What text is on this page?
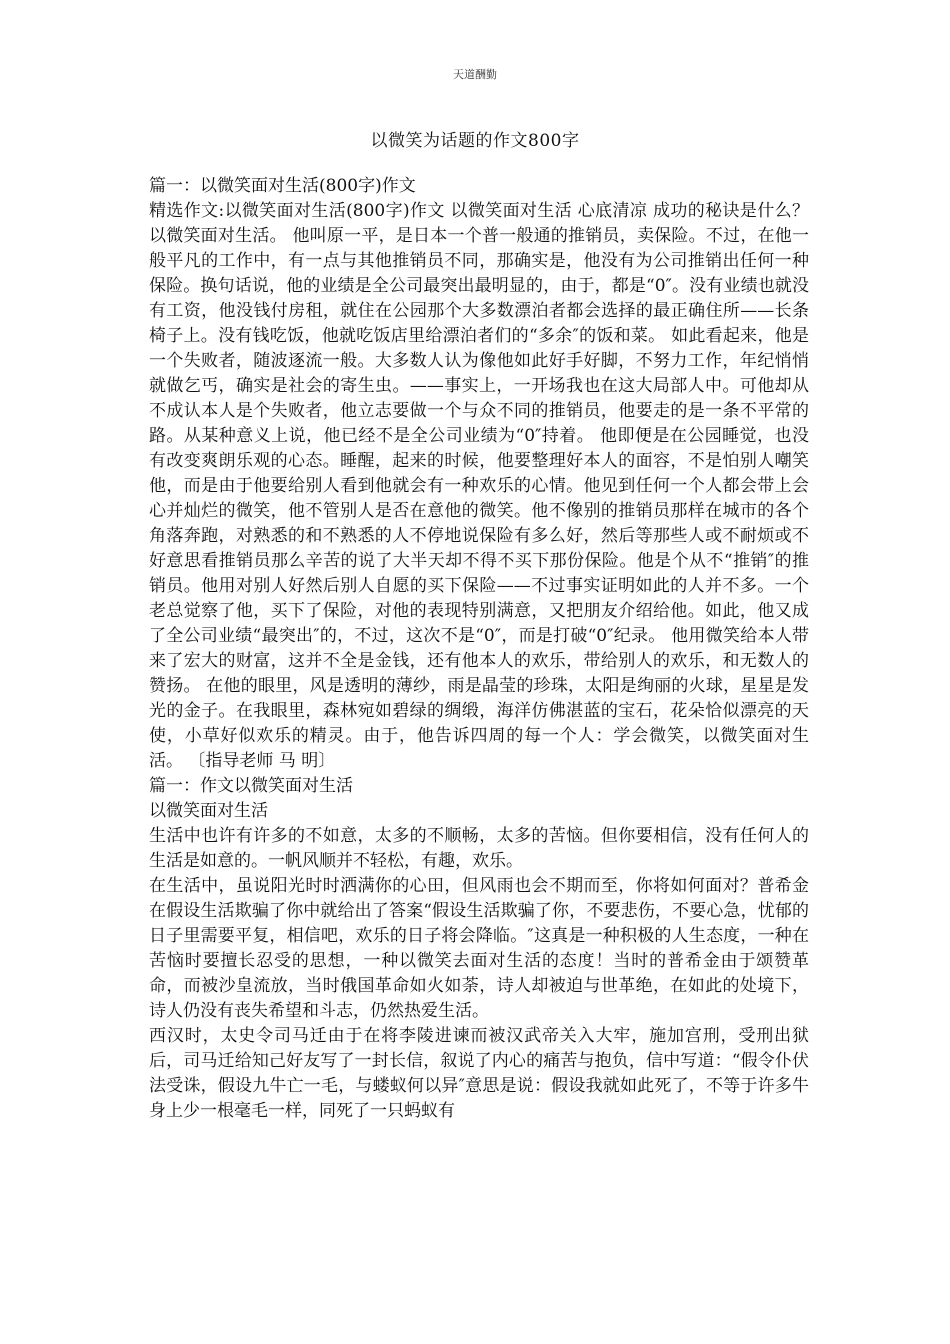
天道酬勤
以微笑为话题的作文800字

篇一：以微笑面对生活(800字)作文

精选作文:以微笑面对生活(800字)作文 以微笑面对生活 心底清凉 成功的秘诀是什么？以微笑面对生活。 他叫原一平，是日本一个普一般通的推销员，卖保险。不过，在他一般平凡的工作中，有一点与其他推销员不同，那确实是，他没有为公司推销出任何一种保险。换句话说，他的业绩是全公司最突出最明显的，由于，都是“0″。没有业绩也就没有工资，他没钱付房租，就住在公园那个大多数漂泊者都会选择的最正确住所——长条椅子上。没有钱吃饭，他就吃饭店里给漂泊者们的“多余″的饭和菜。 如此看起来，他是一个失败者，随波逐流一般。大多数人认为像他如此好手好脚，不努力工作，年纪悄悄就做乞丐，确实是社会的寄生虫。——事实上，一开场我也在这大局部人中。可他却从不成认本人是个失败者，他立志要做一个与众不同的推销员，他要走的是一条不平常的路。从某种意义上说，他已经不是全公司业绩为“0″持着。 他即便是在公园睡觉，也没有改变爽朗乐观的心态。睡醒，起来的时候，他要整理好本人的面容，不是怕别人嘲笑他，而是由于他要给别人看到他就会有一种欢乐的心情。他见到任何一个人都会带上会心并灿烂的微笑，他不管别人是否在意他的微笑。他不像别的推销员那样在城市的各个角落奔跑，对熟悉的和不熟悉的人不停地说保险有多么好，然后等那些人或不耐烦或不好意思看推销员那么辛苦的说了大半天却不得不买下那份保险。他是个从不“推销″的推销员。他用对别人好然后别人自愿的买下保险——不过事实证明如此的人并不多。一个老总觉察了他，买下了保险，对他的表现特别满意，又把朋友介绍给他。如此，他又成了全公司业绩“最突出″的，不过，这次不是“0″，而是打破“0″纪录。 他用微笑给本人带来了宏大的财富，这并不全是金钱，还有他本人的欢乐，带给别人的欢乐，和无数人的赞扬。 在他的眼里，风是透明的薄纱，雨是晶莹的珍珠，太阳是绚丽的火球，星星是发光的金子。在我眼里，森林宛如碧绿的绸缎，海洋仿佛湛蓝的宝石，花朵恰似漂亮的天使，小草好似欢乐的精灵。由于，他告诉四周的每一个人：学会微笑，以微笑面对生活。 〔指导老师 马 明〕

篇一：作文以微笑面对生活

以微笑面对生活

生活中也许有许多的不如意，太多的不顺畅，太多的苦恼。但你要相信，没有任何人的生活是如意的。一帆风顺并不轻松，有趣，欢乐。

在生活中，虽说阳光时时洒满你的心田，但风雨也会不期而至，你将如何面对？普希金在假设生活欺骗了你中就给出了答案“假设生活欺骗了你，不要悲伤，不要心急，忧郁的日子里需要平复，相信吧，欢乐的日子将会降临。″这真是一种积极的人生态度，一种在苦恼时要擅长忍受的思想，一种以微笑去面对生活的态度！当时的普希金由于颂赞革命，而被沙皇流放，当时俄国革命如火如荼，诗人却被迫与世革绝，在如此的处境下，诗人仍没有丧失希望和斗志，仍然热爱生活。

西汉时，太史令司马迁由于在将李陵进谏而被汉武帝关入大牢，施加宫刑，受刑出狱后，司马迁给知己好友写了一封长信，叙说了内心的痛苦与抱负，信中写道：“假令仆伏法受诛，假设九牛亡一毛，与蝼蚁何以异″意思是说：假设我就如此死了，不等于许多牛身上少一根毫毛一样，同死了一只蚂蚁有
